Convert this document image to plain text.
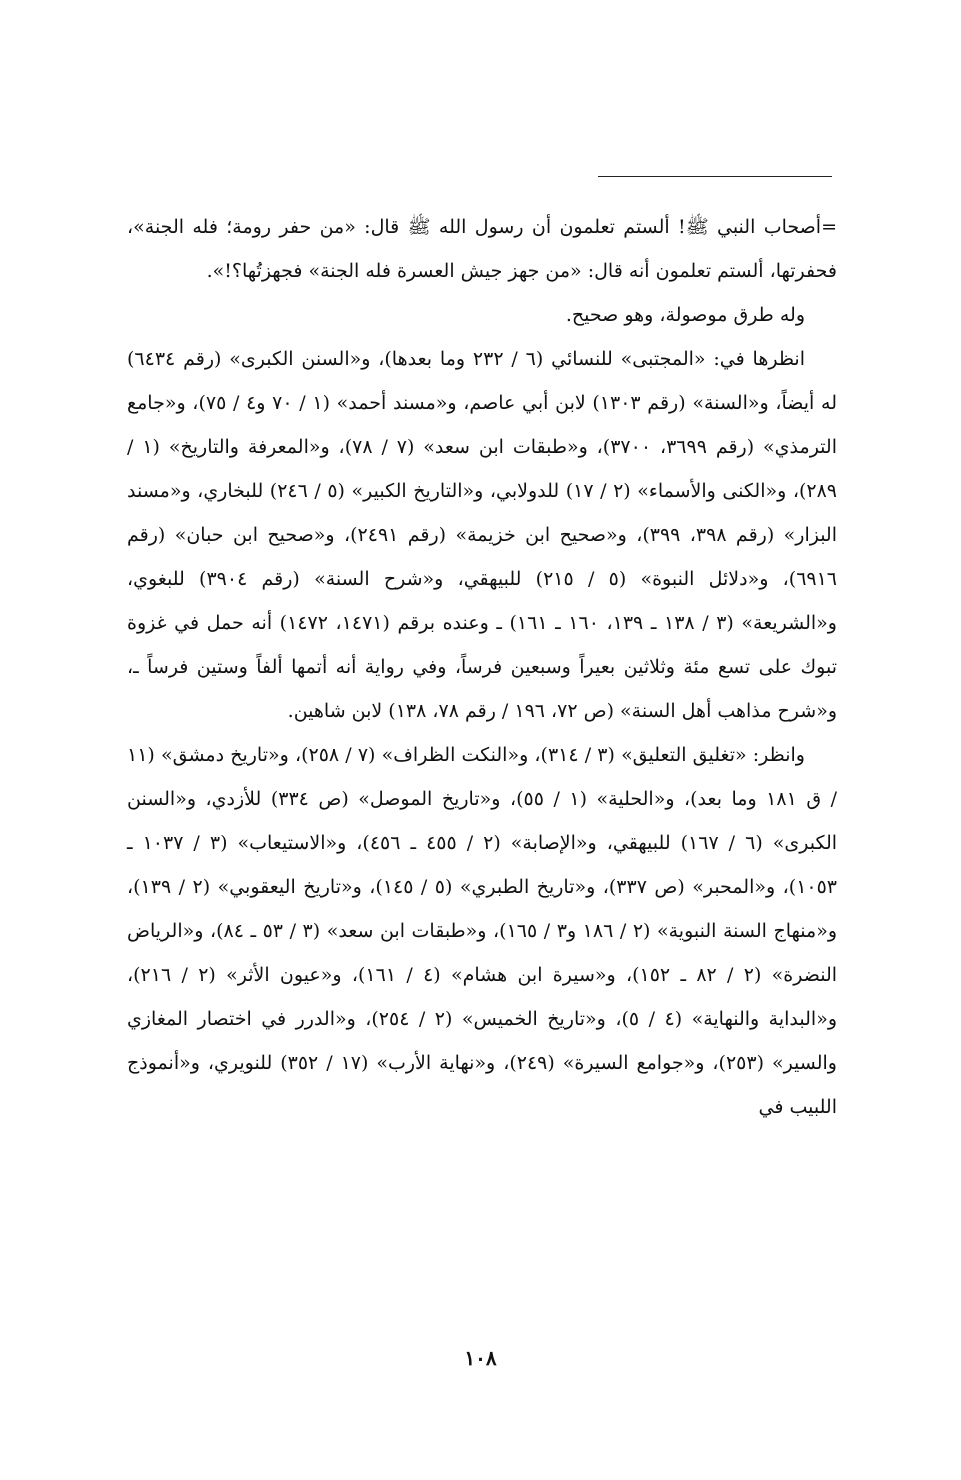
=أصحاب النبي ﷺ! ألستم تعلمون أن رسول الله ﷺ قال: «من حفر رومة؛ فله الجنة»، فحفرتها، ألستم تعلمون أنه قال: «من جهز جيش العسرة فله الجنة» فجهزتُها؟!».

وله طرق موصولة، وهو صحيح.

انظرها في: «المجتبى» للنسائي (٦ / ٢٣٢ وما بعدها)، و«السنن الكبرى» (رقم ٦٤٣٤) له أيضاً، و«السنة» (رقم ١٣٠٣) لابن أبي عاصم، و«مسند أحمد» (١ / ٧٠ و٤ / ٧٥)، و«جامع الترمذي» (رقم ٣٦٩٩، ٣٧٠٠)، و«طبقات ابن سعد» (٧ / ٧٨)، و«المعرفة والتاريخ» (١ / ٢٨٩)، و«الكنى والأسماء» (٢ / ١٧) للدولابي، و«التاريخ الكبير» (٥ / ٢٤٦) للبخاري، و«مسند البزار» (رقم ٣٩٨، ٣٩٩)، و«صحيح ابن خزيمة» (رقم ٢٤٩١)، و«صحيح ابن حبان» (رقم ٦٩١٦)، و«دلائل النبوة» (٥ / ٢١٥) للبيهقي، و«شرح السنة» (رقم ٣٩٠٤) للبغوي، و«الشريعة» (٣ / ١٣٨ ـ ١٣٩، ١٦٠ ـ ١٦١) ـ وعنده برقم (١٤٧١، ١٤٧٢) أنه حمل في غزوة تبوك على تسع مئة وثلاثين بعيراً وسبعين فرساً، وفي رواية أنه أتمها ألفاً وستين فرساً ـ، و«شرح مذاهب أهل السنة» (ص ٧٢، ١٩٦ / رقم ٧٨، ١٣٨) لابن شاهين.

وانظر: «تغليق التعليق» (٣ / ٣١٤)، و«النكت الظراف» (٧ / ٢٥٨)، و«تاريخ دمشق» (١١ / ق ١٨١ وما بعد)، و«الحلية» (١ / ٥٥)، و«تاريخ الموصل» (ص ٣٣٤) للأزدي، و«السنن الكبرى» (٦ / ١٦٧) للبيهقي، و«الإصابة» (٢ / ٤٥٥ ـ ٤٥٦)، و«الاستيعاب» (٣ / ١٠٣٧ ـ ١٠٥٣)، و«المحبر» (ص ٣٣٧)، و«تاريخ الطبري» (٥ / ١٤٥)، و«تاريخ اليعقوبي» (٢ / ١٣٩)، و«منهاج السنة النبوية» (٢ / ١٨٦ و٣ / ١٦٥)، و«طبقات ابن سعد» (٣ / ٥٣ ـ ٨٤)، و«الرياض النضرة» (٢ / ٨٢ ـ ١٥٢)، و«سيرة ابن هشام» (٤ / ١٦١)، و«عيون الأثر» (٢ / ٢١٦)، و«البداية والنهاية» (٤ / ٥)، و«تاريخ الخميس» (٢ / ٢٥٤)، و«الدرر في اختصار المغازي والسير» (٢٥٣)، و«جوامع السيرة» (٢٤٩)، و«نهاية الأرب» (١٧ / ٣٥٢) للنويري، و«أنموذج اللبيب في

١٠٨
